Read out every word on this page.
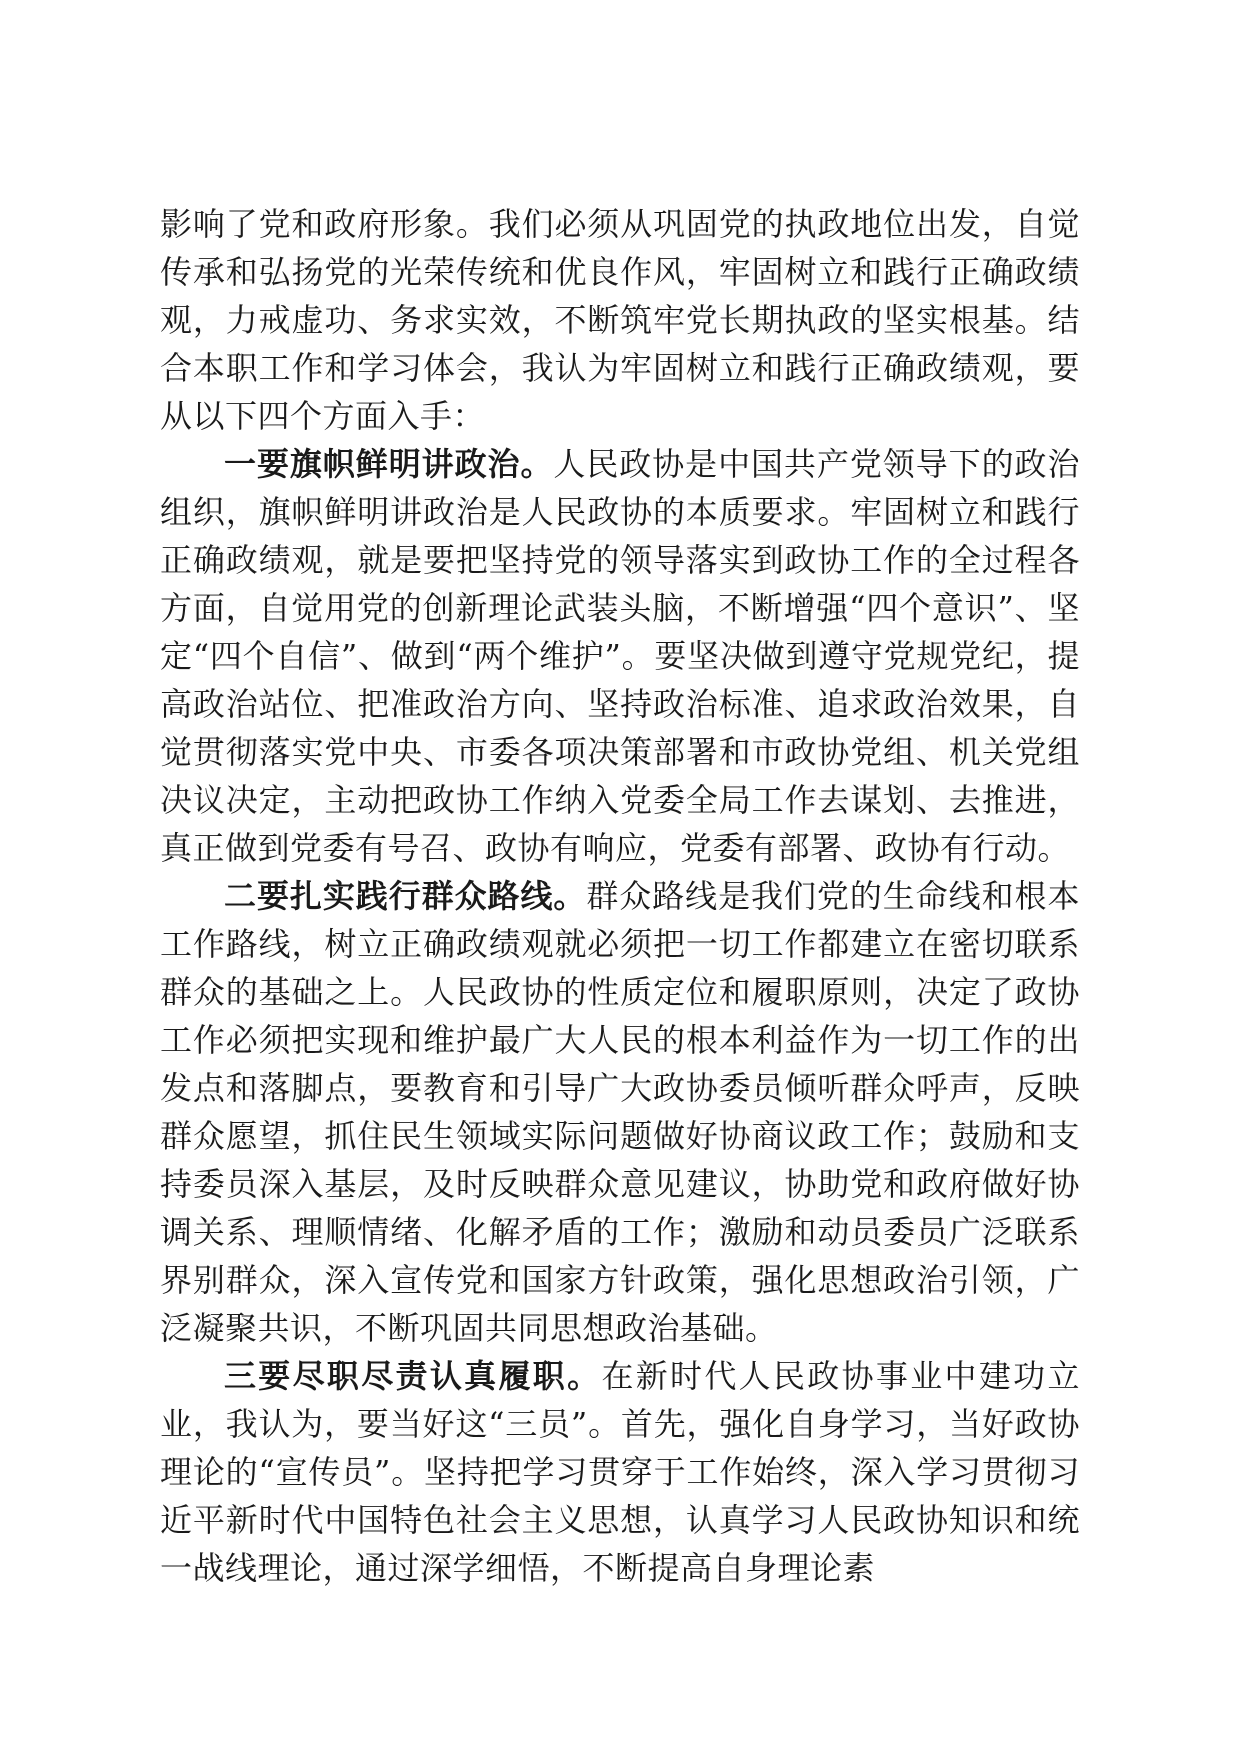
影响了党和政府形象。我们必须从巩固党的执政地位出发，自觉传承和弘扬党的光荣传统和优良作风，牢固树立和践行正确政绩观，力戒虚功、务求实效，不断筑牢党长期执政的坚实根基。结合本职工作和学习体会，我认为牢固树立和践行正确政绩观，要从以下四个方面入手：

一要旗帜鲜明讲政治。人民政协是中国共产党领导下的政治组织，旗帜鲜明讲政治是人民政协的本质要求。牢固树立和践行正确政绩观，就是要把坚持党的领导落实到政协工作的全过程各方面，自觉用党的创新理论武装头脑，不断增强“四个意识”、坚定“四个自信”、做到“两个维护”。要坚决做到遵守党规党纪，提高政治站位、把准政治方向、坚持政治标准、追求政治效果，自觉贯彻落实党中央、市委各项决策部署和市政协党组、机关党组决议决定，主动把政协工作纳入党委全局工作去谋划、去推进，真正做到党委有号召、政协有响应，党委有部署、政协有行动。

二要扎实践行群众路线。群众路线是我们党的生命线和根本工作路线，树立正确政绩观就必须把一切工作都建立在密切联系群众的基础之上。人民政协的性质定位和履职原则，决定了政协工作必须把实现和维护最广大人民的根本利益作为一切工作的出发点和落脚点，要教育和引导广大政协委员倾听群众呼声，反映群众愿望，抓住民生领域实际问题做好协商议政工作；鼓励和支持委员深入基层，及时反映群众意见建议，协助党和政府做好协调关系、理顺情绪、化解矛盾的工作；激励和动员委员广泛联系界别群众，深入宣传党和国家方针政策，强化思想政治引领，广泛凝聚共识，不断巩固共同思想政治基础。

三要尽职尽责认真履职。在新时代人民政协事业中建功立业，我认为，要当好这“三员”。首先，强化自身学习，当好政协理论的“宣传员”。坚持把学习贯穿于工作始终，深入学习贯彻习近平新时代中国特色社会主义思想，认真学习人民政协知识和统一战线理论，通过深学细悟，不断提高自身理论素
